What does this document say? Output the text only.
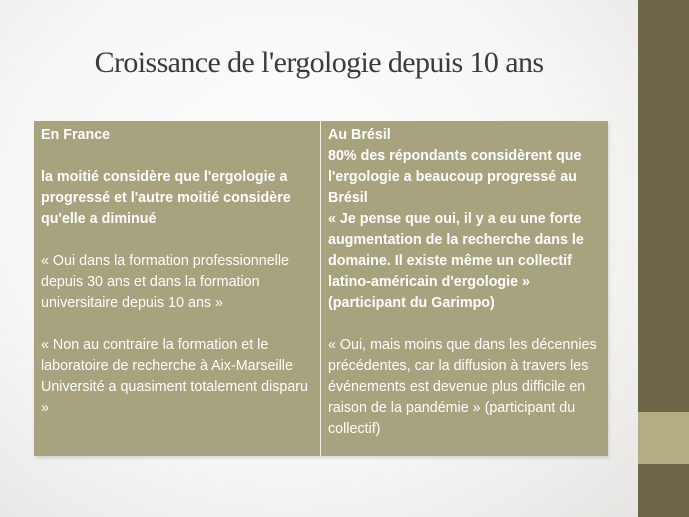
Croissance de l'ergologie depuis 10 ans

En France

la moitié considère que l'ergologie a progressé et l'autre moitié considère qu'elle a diminué

« Oui dans la formation professionnelle depuis 30 ans et dans la formation universitaire depuis 10 ans »

« Non au contraire la formation et le laboratoire de recherche à Aix-Marseille Université a quasiment totalement disparu »

Au Brésil

80% des répondants considèrent que l'ergologie a beaucoup progressé au Brésil

« Je pense que oui, il y a eu une forte augmentation de la recherche dans le domaine. Il existe même un collectif latino-américain d'ergologie » (participant du Garimpo)

« Oui, mais moins que dans les décennies précédentes, car la diffusion à travers les événements est devenue plus difficile en raison de la pandémie » (participant du collectif)
